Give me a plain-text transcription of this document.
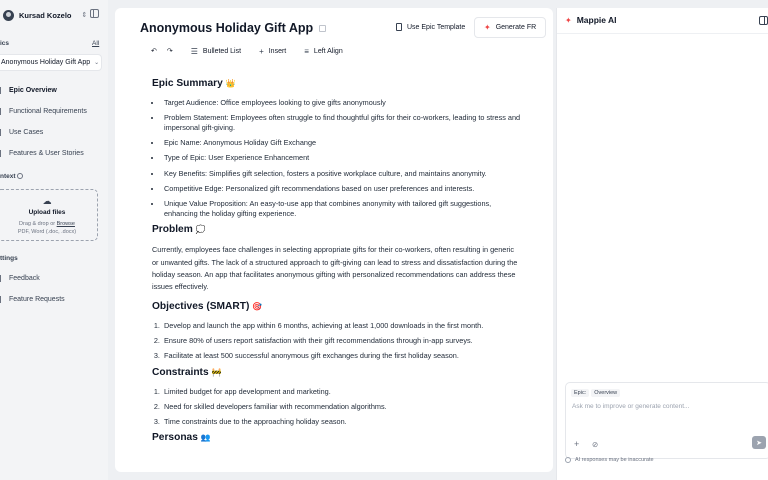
Kursad Kozelo ⇕
ics	All
Anonymous Holiday Gift App ⌄
Epic Overview
Functional Requirements
Use Cases
Features & User Stories
ntext
☁

Upload files

Drag & drop or Browse

PDF, Word (.doc, .docx)

ttings
Feedback
Feature Requests
Anonymous Holiday Gift App	Use Epic Template ✦ Generate FR
↶ ↷ ☰ Bulleted List + Insert ≡ Left Align
Epic Summary 👑
• Target Audience: Office employees looking to give gifts anonymously
• Problem Statement: Employees often struggle to find thoughtful gifts for their co-workers, leading to stress and impersonal gift-giving.
• Epic Name: Anonymous Holiday Gift Exchange
• Type of Epic: User Experience Enhancement
• Key Benefits: Simplifies gift selection, fosters a positive workplace culture, and maintains anonymity.
• Competitive Edge: Personalized gift recommendations based on user preferences and interests.
• Unique Value Proposition: An easy-to-use app that combines anonymity with tailored gift suggestions, enhancing the holiday gifting experience.
Problem 💭

Currently, employees face challenges in selecting appropriate gifts for their co-workers, often resulting in generic or unwanted gifts. The lack of a structured approach to gift-giving can lead to stress and dissatisfaction during the holiday season. An app that facilitates anonymous gifting with personalized recommendations can address these issues effectively.

Objectives (SMART) 🎯
1. Develop and launch the app within 6 months, achieving at least 1,000 downloads in the first month.
2. Ensure 80% of users report satisfaction with their gift recommendations through in-app surveys.
3. Facilitate at least 500 successful anonymous gift exchanges during the first holiday season.
Constraints 🚧
1. Limited budget for app development and marketing.
2. Need for skilled developers familiar with recommendation algorithms.
3. Time constraints due to the approaching holiday season.
Personas 👥
✦ Mappie AI
Epic:	Overview
Ask me to improve or generate content...
+ ⊘	➤
AI responses may be inaccurate
